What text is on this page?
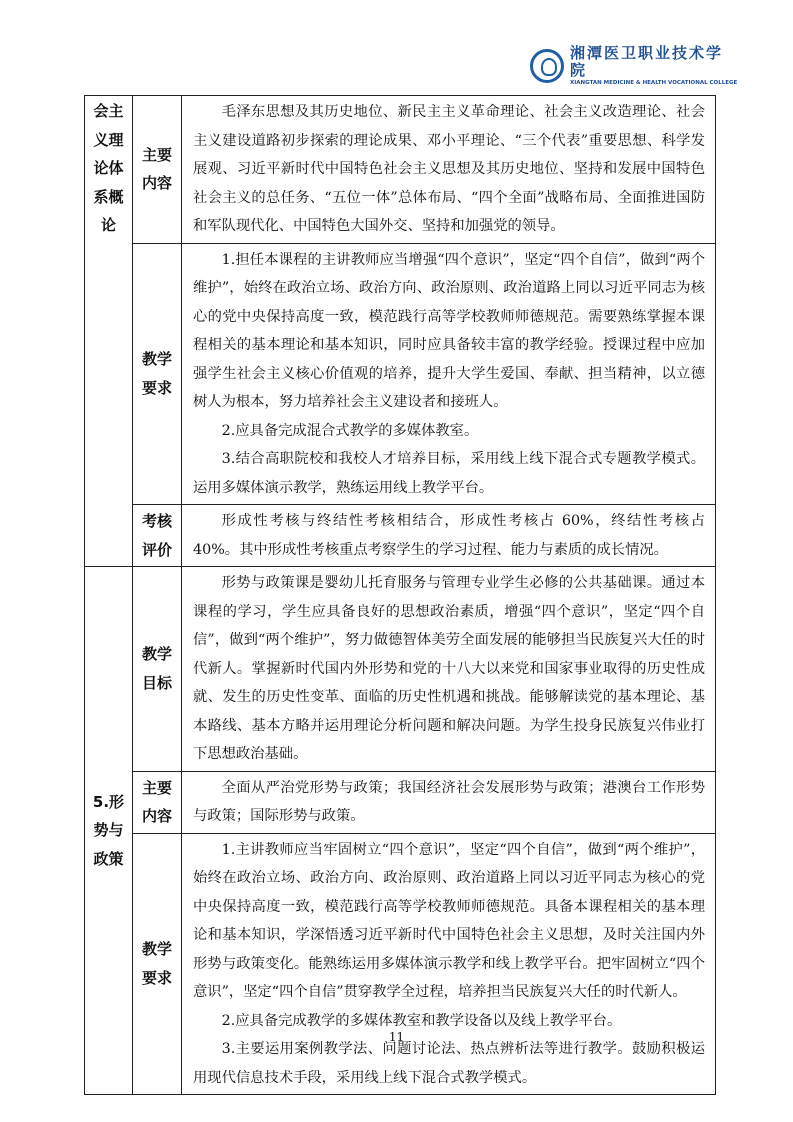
湘潭医卫职业技术学院
XIANGTAN MEDICINE & HEALTH VOCATIONAL COLLEGE
会主义理论体系概论	主要内容	毛泽东思想及其历史地位、新民主主义革命理论、社会主义改造理论、社会主义建设道路初步探索的理论成果、邓小平理论、“三个代表”重要思想、科学发展观、习近平新时代中国特色社会主义思想及其历史地位、坚持和发展中国特色社会主义的总任务、“五位一体”总体布局、“四个全面”战略布局、全面推进国防和军队现代化、中国特色大国外交、坚持和加强党的领导。

	教学要求	1.担任本课程的主讲教师应当增强“四个意识”，坚定“四个自信”，做到“两个维护”，始终在政治立场、政治方向、政治原则、政治道路上同以习近平同志为核心的党中央保持高度一致，模范践行高等学校教师师德规范。需要熟练掌握本课程相关的基本理论和基本知识，同时应具备较丰富的教学经验。授课过程中应加强学生社会主义核心价值观的培养，提升大学生爱国、奉献、担当精神，以立德树人为根本，努力培养社会主义建设者和接班人。

2.应具备完成混合式教学的多媒体教室。

3.结合高职院校和我校人才培养目标，采用线上线下混合式专题教学模式。运用多媒体演示教学，熟练运用线上教学平台。

	考核评价	形成性考核与终结性考核相结合，形成性考核占 60%，终结性考核占 40%。其中形成性考核重点考察学生的学习过程、能力与素质的成长情况。

5.形势与政策	教学目标	形势与政策课是婴幼儿托育服务与管理专业学生必修的公共基础课。通过本课程的学习，学生应具备良好的思想政治素质，增强“四个意识”，坚定“四个自信”，做到“两个维护”，努力做德智体美劳全面发展的能够担当民族复兴大任的时代新人。掌握新时代国内外形势和党的十八大以来党和国家事业取得的历史性成就、发生的历史性变革、面临的历史性机遇和挑战。能够解读党的基本理论、基本路线、基本方略并运用理论分析问题和解决问题。为学生投身民族复兴伟业打下思想政治基础。

	主要内容	全面从严治党形势与政策；我国经济社会发展形势与政策；港澳台工作形势与政策；国际形势与政策。

	教学要求	1.主讲教师应当牢固树立“四个意识”，坚定“四个自信”，做到“两个维护”，始终在政治立场、政治方向、政治原则、政治道路上同以习近平同志为核心的党中央保持高度一致，模范践行高等学校教师师德规范。具备本课程相关的基本理论和基本知识，学深悟透习近平新时代中国特色社会主义思想，及时关注国内外形势与政策变化。能熟练运用多媒体演示教学和线上教学平台。把牢固树立“四个意识”，坚定“四个自信”贯穿教学全过程，培养担当民族复兴大任的时代新人。

2.应具备完成教学的多媒体教室和教学设备以及线上教学平台。

3.主要运用案例教学法、问题讨论法、热点辨析法等进行教学。鼓励积极运用现代信息技术手段，采用线上线下混合式教学模式。

11
